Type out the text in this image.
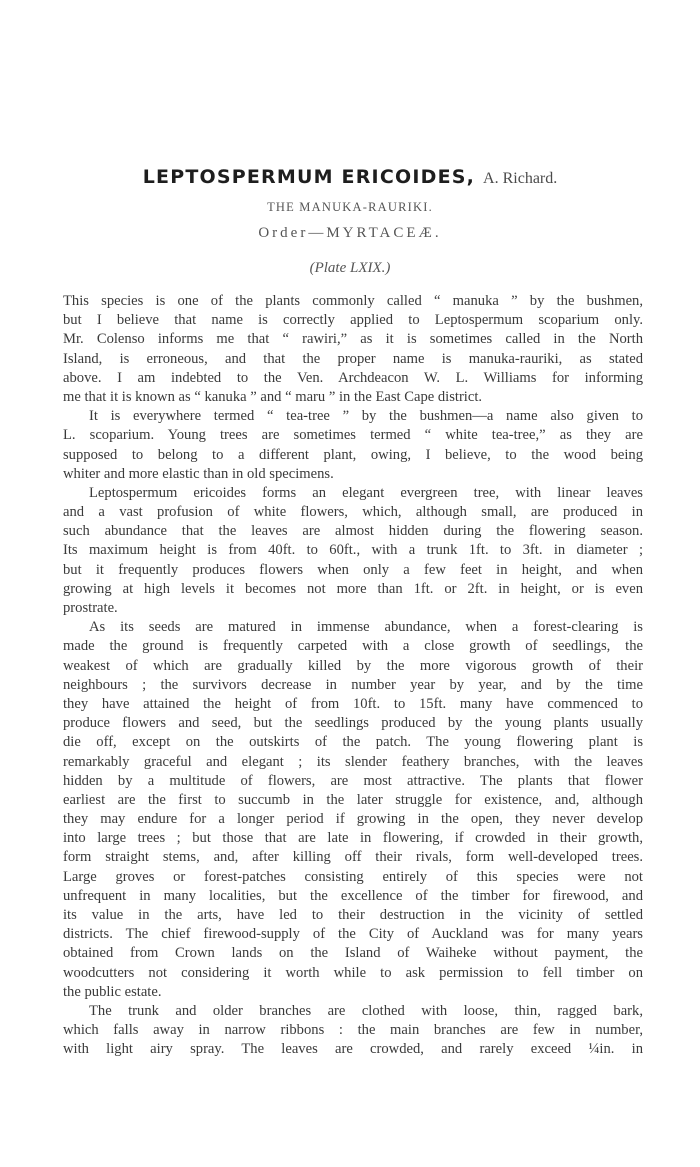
LEPTOSPERMUM ERICOIDES, A. Richard.
THE MANUKA-RAURIKI.
Order—MYRTACEÆ.
(Plate LXIX.)
This species is one of the plants commonly called “ manuka ” by the bushmen,
but I believe that name is correctly applied to Leptospermum scoparium only.
Mr. Colenso informs me that “ rawiri,” as it is sometimes called in the North
Island, is erroneous, and that the proper name is manuka-rauriki, as stated
above. I am indebted to the Ven. Archdeacon W. L. Williams for informing
me that it is known as “ kanuka ” and “ maru ” in the East Cape district.
It is everywhere termed “ tea-tree ” by the bushmen—a name also given to
L. scoparium. Young trees are sometimes termed “ white tea-tree,” as they are
supposed to belong to a different plant, owing, I believe, to the wood being
whiter and more elastic than in old specimens.
Leptospermum ericoides forms an elegant evergreen tree, with linear leaves
and a vast profusion of white flowers, which, although small, are produced in
such abundance that the leaves are almost hidden during the flowering season.
Its maximum height is from 40ft. to 60ft., with a trunk 1ft. to 3ft. in diameter ;
but it frequently produces flowers when only a few feet in height, and when
growing at high levels it becomes not more than 1ft. or 2ft. in height, or is even
prostrate.
As its seeds are matured in immense abundance, when a forest-clearing is
made the ground is frequently carpeted with a close growth of seedlings, the
weakest of which are gradually killed by the more vigorous growth of their
neighbours ; the survivors decrease in number year by year, and by the time
they have attained the height of from 10ft. to 15ft. many have commenced to
produce flowers and seed, but the seedlings produced by the young plants usually
die off, except on the outskirts of the patch. The young flowering plant is
remarkably graceful and elegant ; its slender feathery branches, with the leaves
hidden by a multitude of flowers, are most attractive. The plants that flower
earliest are the first to succumb in the later struggle for existence, and, although
they may endure for a longer period if growing in the open, they never develop
into large trees ; but those that are late in flowering, if crowded in their growth,
form straight stems, and, after killing off their rivals, form well-developed trees.
Large groves or forest-patches consisting entirely of this species were not
unfrequent in many localities, but the excellence of the timber for firewood, and
its value in the arts, have led to their destruction in the vicinity of settled
districts. The chief firewood-supply of the City of Auckland was for many years
obtained from Crown lands on the Island of Waiheke without payment, the
woodcutters not considering it worth while to ask permission to fell timber on
the public estate.
The trunk and older branches are clothed with loose, thin, ragged bark,
which falls away in narrow ribbons : the main branches are few in number,
with light airy spray. The leaves are crowded, and rarely exceed ¼in. in
